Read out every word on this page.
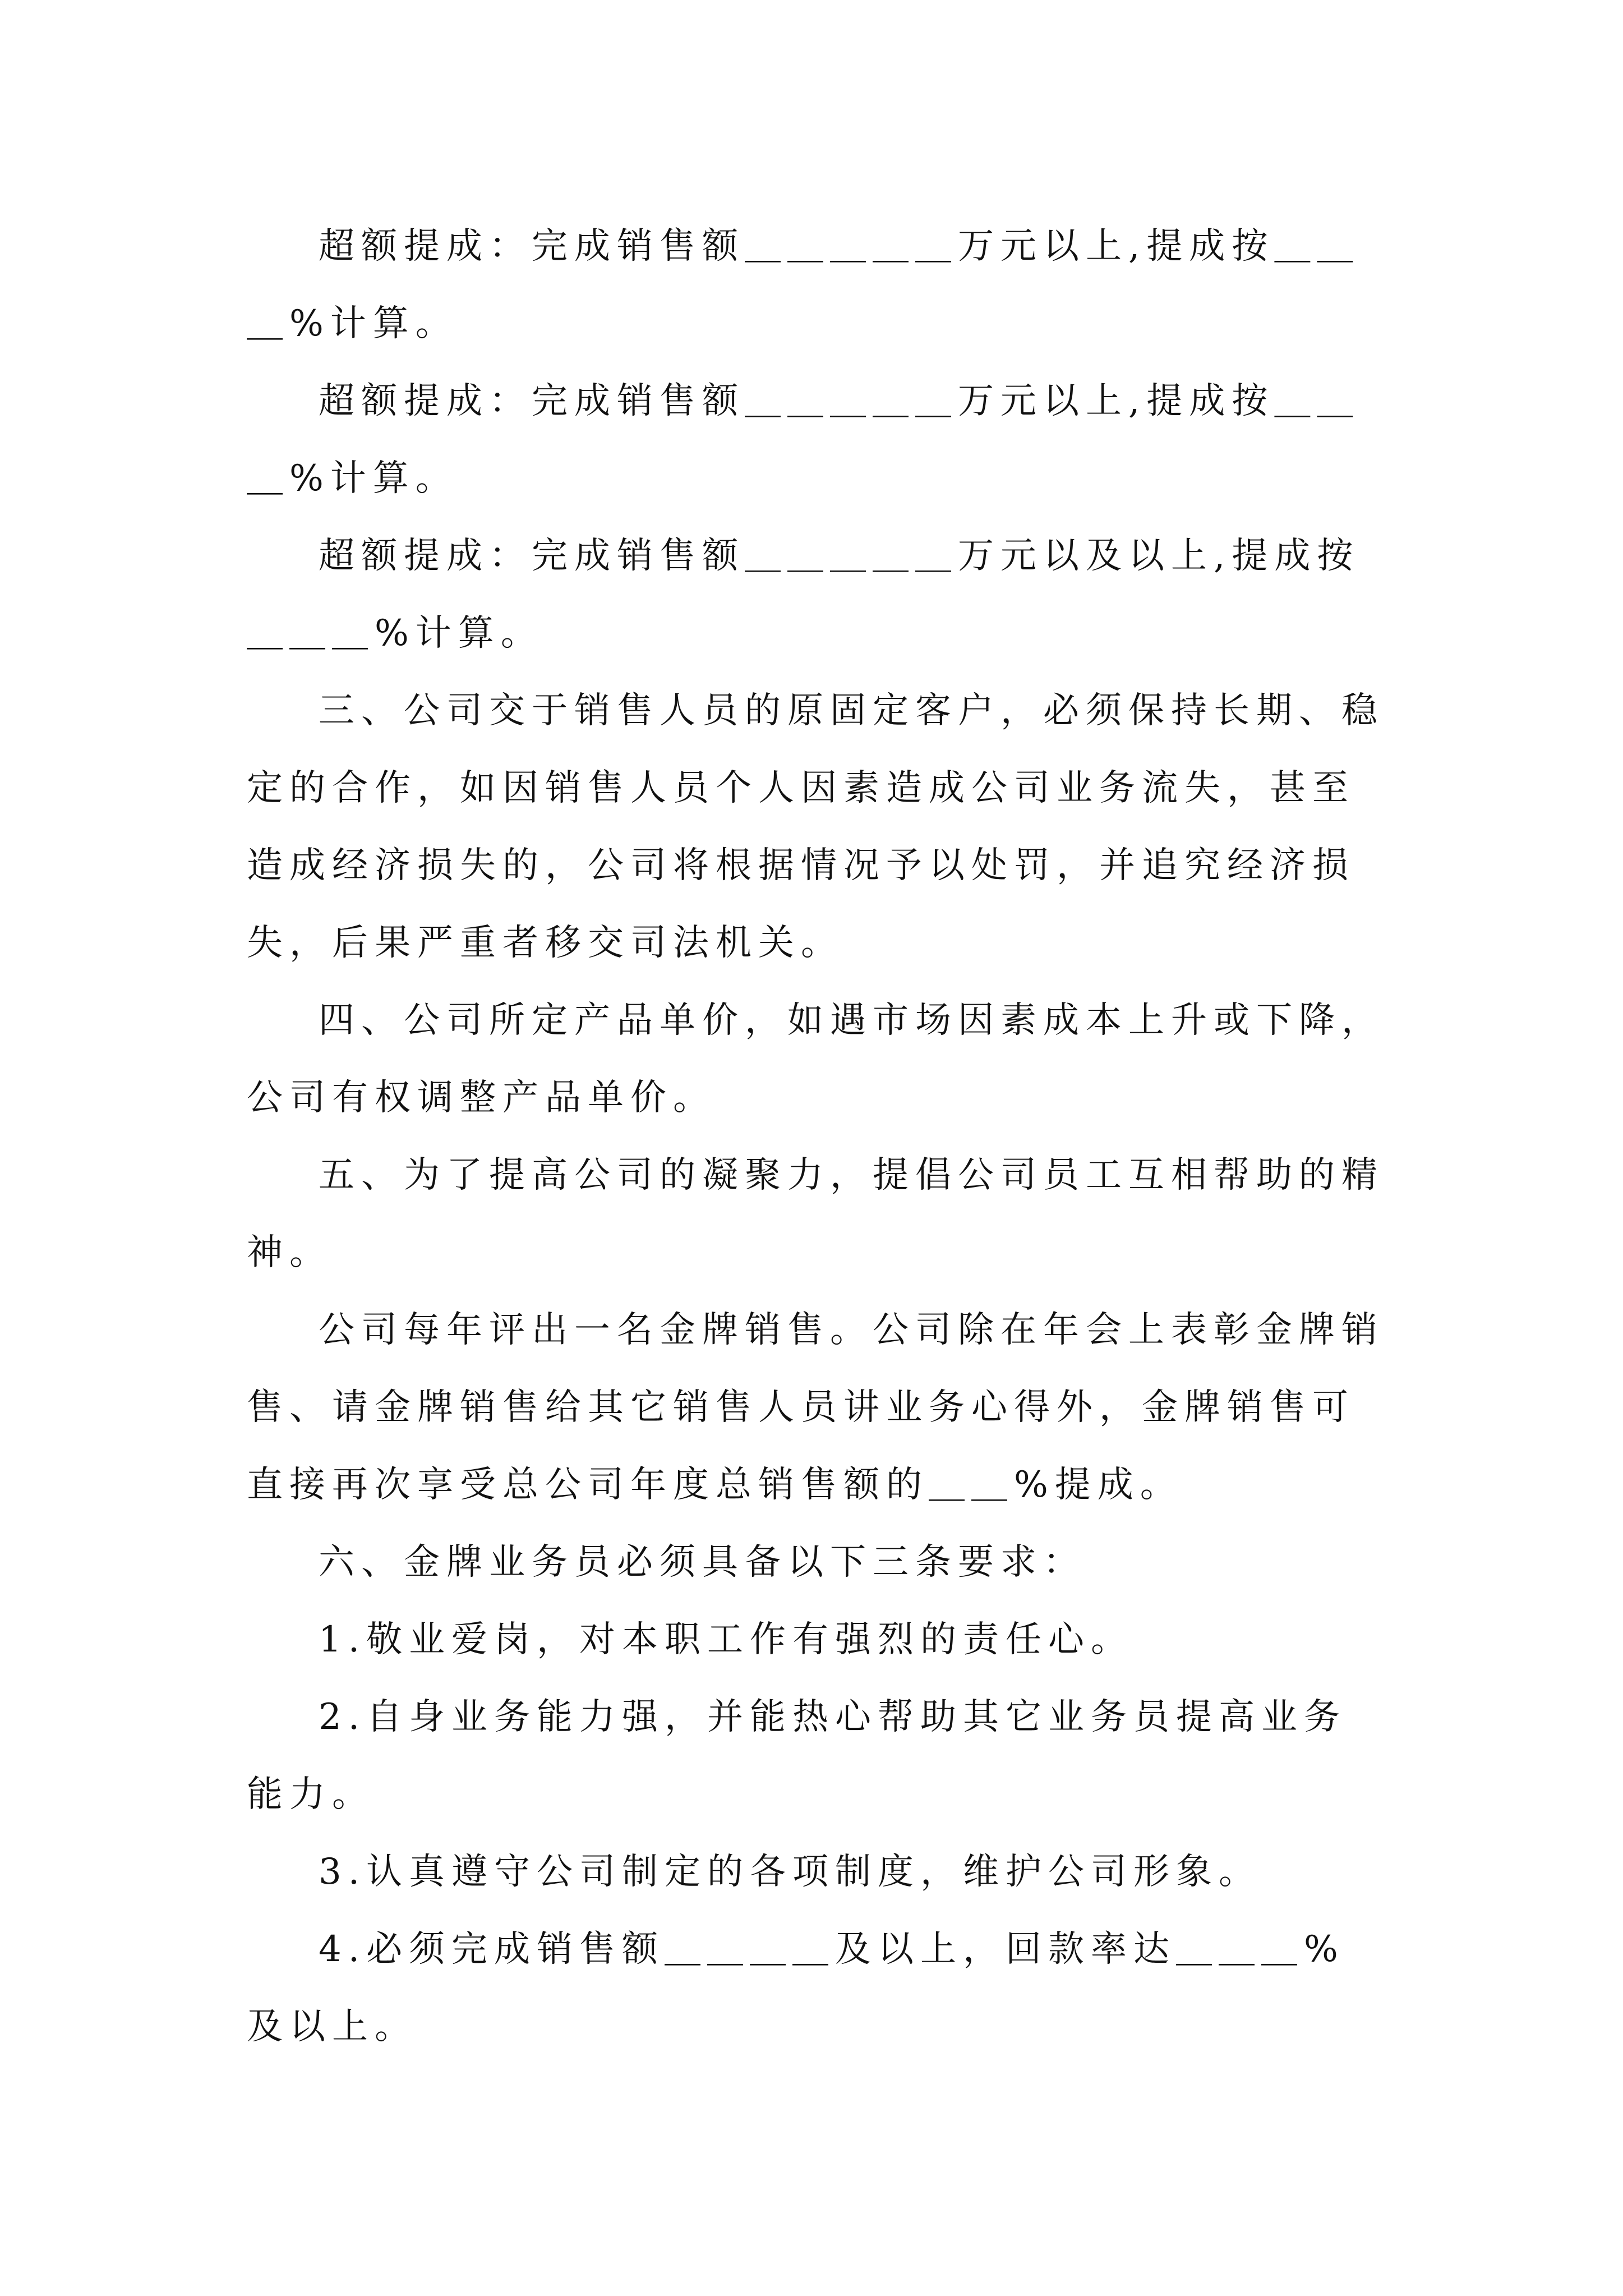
超额提成：完成销售额＿＿＿＿＿万元以上,提成按＿＿＿%计算。

超额提成：完成销售额＿＿＿＿＿万元以上,提成按＿＿＿%计算。

超额提成：完成销售额＿＿＿＿＿万元以及以上,提成按＿＿＿%计算。

三、公司交于销售人员的原固定客户，必须保持长期、稳定的合作，如因销售人员个人因素造成公司业务流失，甚至造成经济损失的，公司将根据情况予以处罚，并追究经济损失，后果严重者移交司法机关。

四、公司所定产品单价，如遇市场因素成本上升或下降，公司有权调整产品单价。

五、为了提高公司的凝聚力，提倡公司员工互相帮助的精神。

公司每年评出一名金牌销售。公司除在年会上表彰金牌销售、请金牌销售给其它销售人员讲业务心得外，金牌销售可直接再次享受总公司年度总销售额的＿＿%提成。

六、金牌业务员必须具备以下三条要求：

1.敬业爱岗，对本职工作有强烈的责任心。

2.自身业务能力强，并能热心帮助其它业务员提高业务能力。

3.认真遵守公司制定的各项制度，维护公司形象。

4.必须完成销售额＿＿＿＿及以上，回款率达＿＿＿%及以上。
